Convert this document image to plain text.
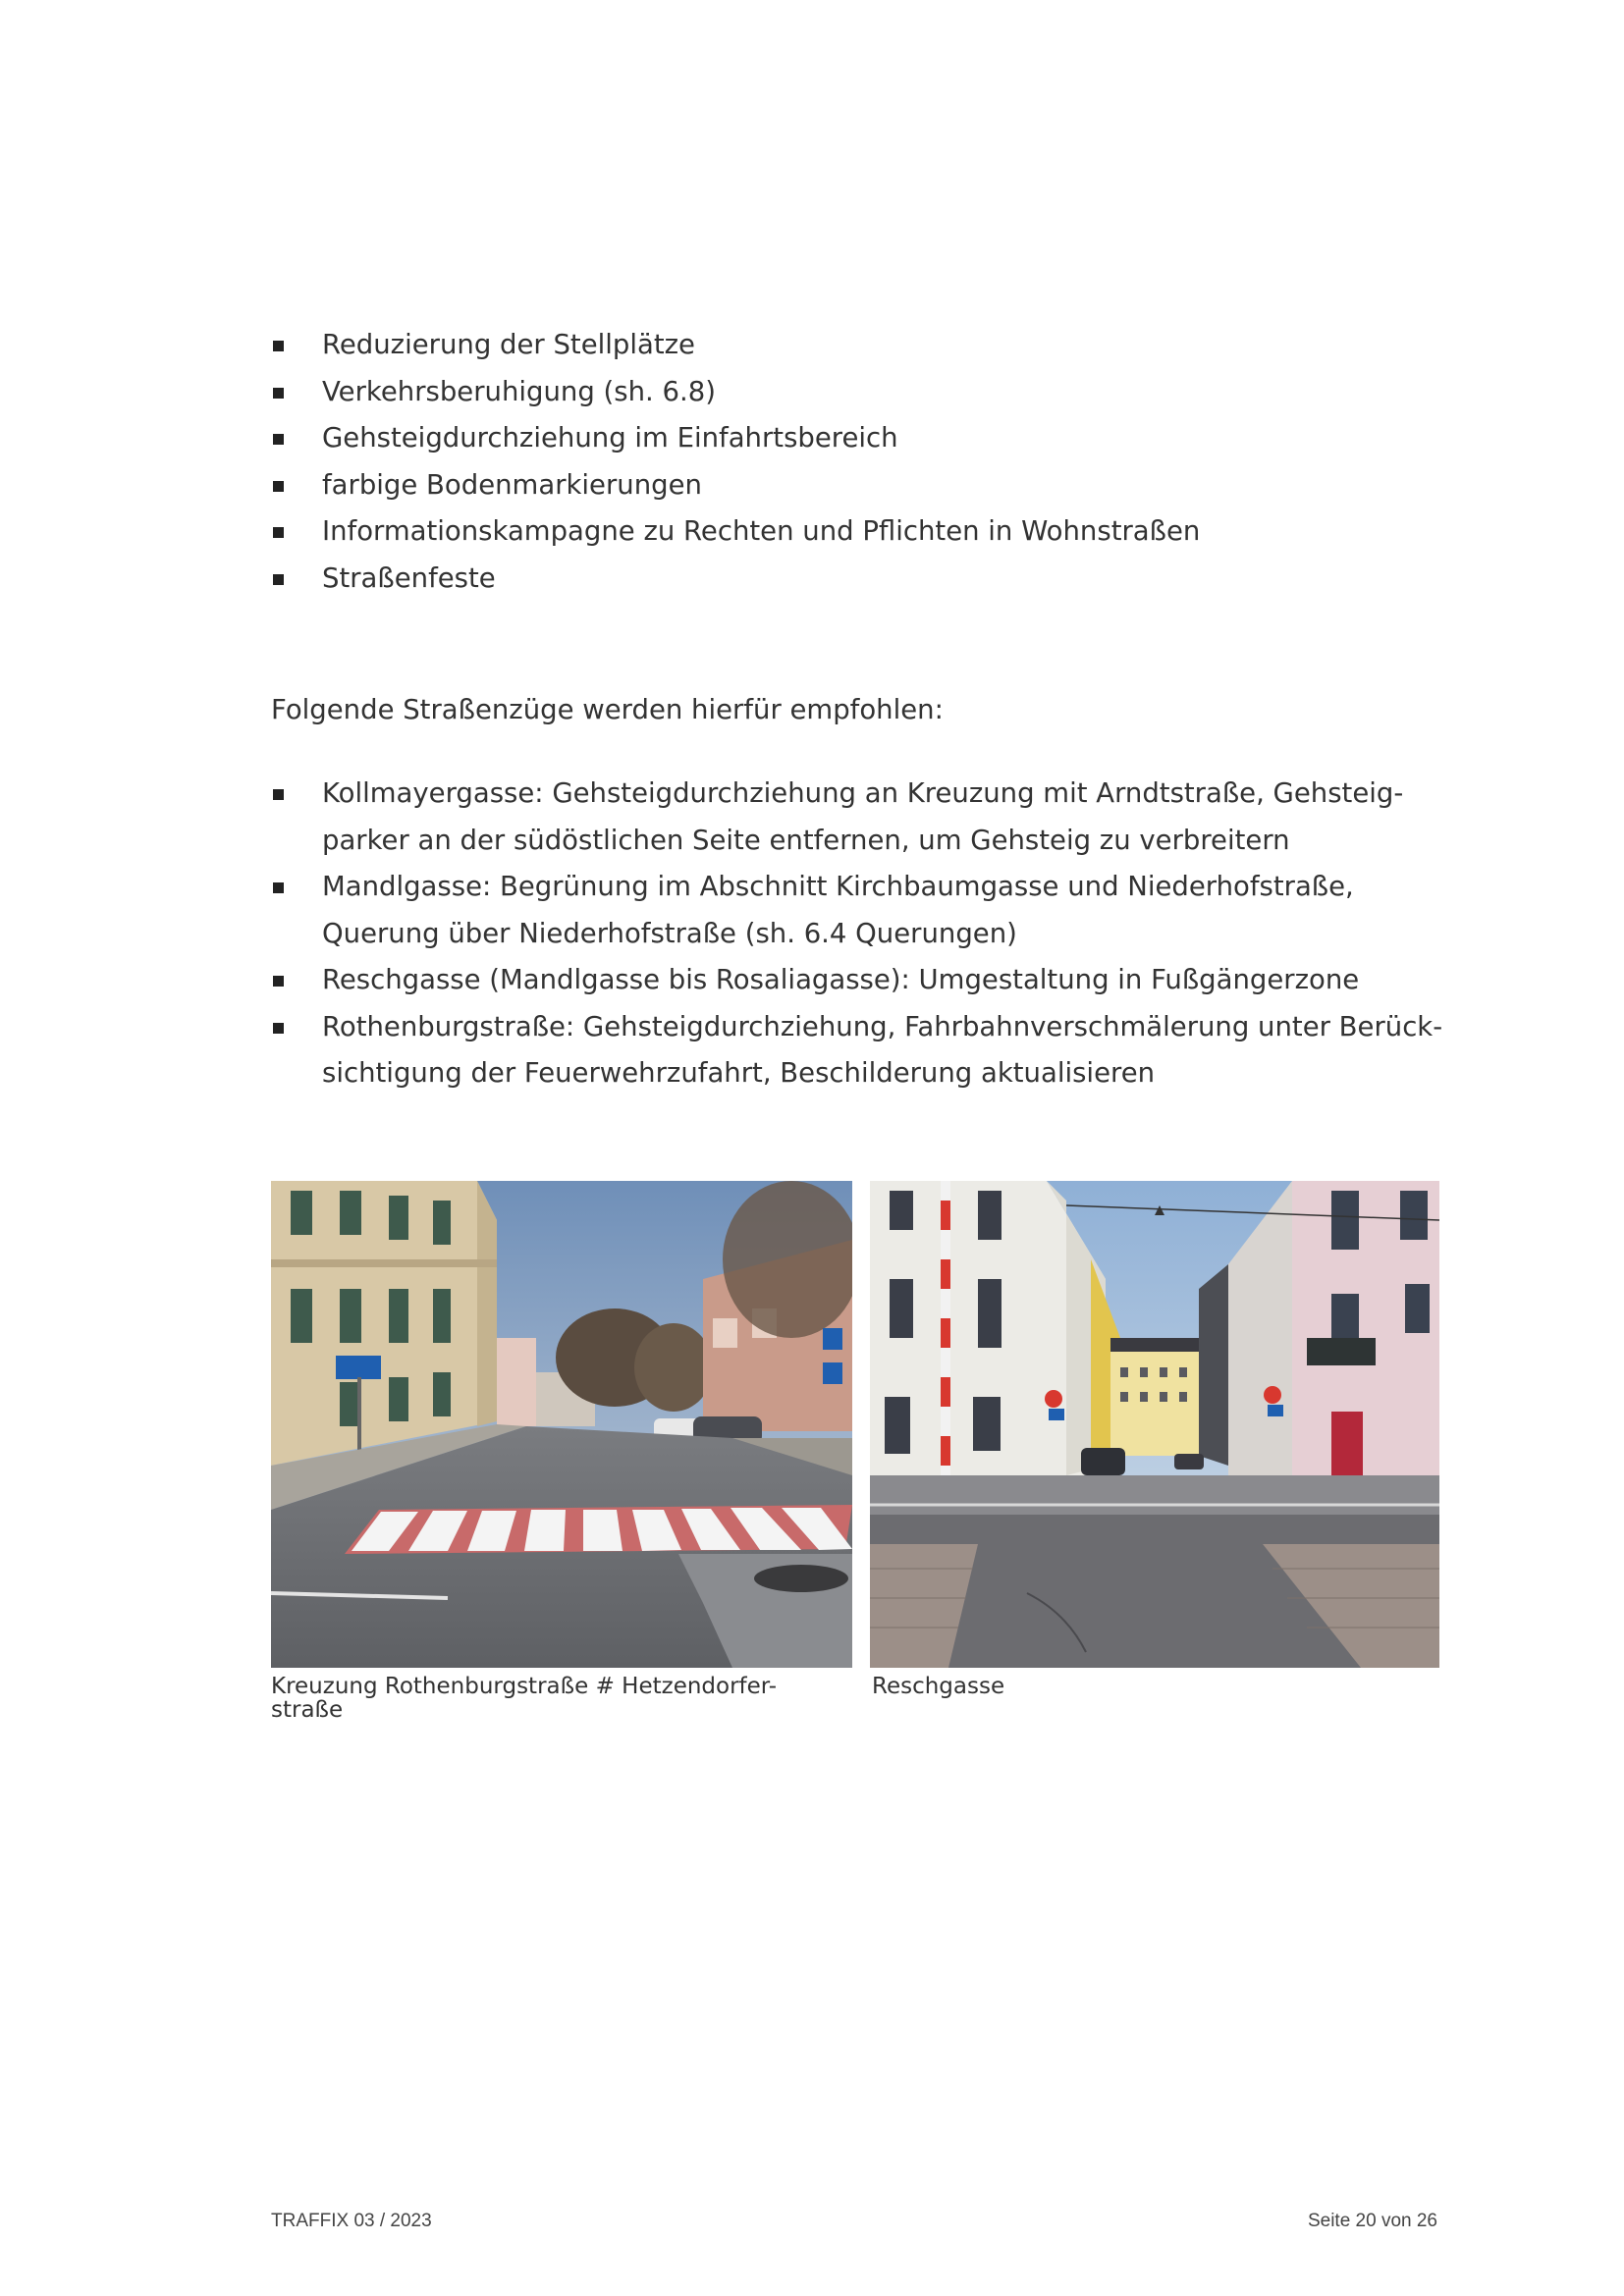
Reduzierung der Stellplätze
Verkehrsberuhigung (sh. 6.8)
Gehsteigdurchziehung im Einfahrtsbereich
farbige Bodenmarkierungen
Informationskampagne zu Rechten und Pflichten in Wohnstraßen
Straßenfeste
Folgende Straßenzüge werden hierfür empfohlen:
Kollmayergasse: Gehsteigdurchziehung an Kreuzung mit Arndtstraße, Gehsteig-
parker an der südöstlichen Seite entfernen, um Gehsteig zu verbreitern
Mandlgasse: Begrünung im Abschnitt Kirchbaumgasse und Niederhofstraße,
Querung über Niederhofstraße (sh. 6.4 Querungen)
Reschgasse (Mandlgasse bis Rosaliagasse): Umgestaltung in Fußgängerzone
Rothenburgstraße: Gehsteigdurchziehung, Fahrbahnverschmälerung unter Berück-
sichtigung der Feuerwehrzufahrt, Beschilderung aktualisieren
Kreuzung Rothenburgstraße # Hetzendorfer-
straße
Reschgasse
TRAFFIX 03 / 2023	Seite 20 von 26
